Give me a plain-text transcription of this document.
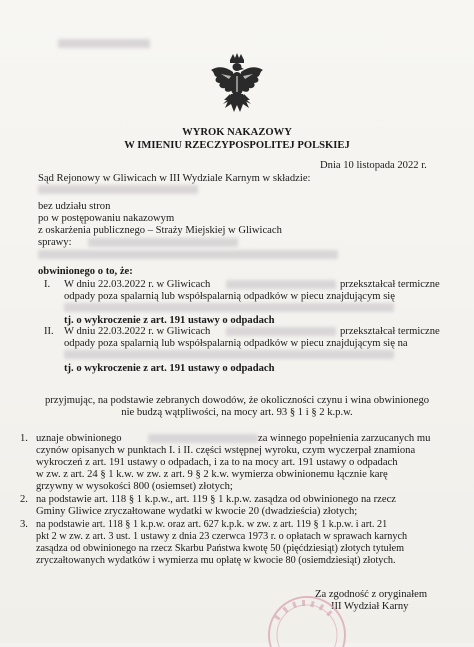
WYROK NAKAZOWY
W IMIENIU RZECZYPOSPOLITEJ POLSKIEJ
Dnia 10 listopada 2022 r.
Sąd Rejonowy w Gliwicach w III Wydziale Karnym w składzie:
bez udziału stron
po w postępowaniu nakazowym
z oskarżenia publicznego – Straży Miejskiej w Gliwicach
sprawy:
obwinionego o to, że:
I. W dniu 22.03.2022 r. w Gliwicach	przekształcał termiczne
odpady poza spalarnią lub współspalarnią odpadków w piecu znajdującym się
tj. o wykroczenie z art. 191 ustawy o odpadach
II. W dniu 22.03.2022 r. w Gliwicach	przekształcał termiczne
odpady poza spalarnią lub współspalarnią odpadków w piecu znajdującym się na
tj. o wykroczenie z art. 191 ustawy o odpadach
przyjmując, na podstawie zebranych dowodów, że okoliczności czynu i wina obwinionego
nie budzą wątpliwości, na mocy art. 93 § 1 i § 2 k.p.w.
1. uznaje obwinionego	za winnego popełnienia zarzucanych mu
czynów opisanych w punktach I. i II. części wstępnej wyroku, czym wyczerpał znamiona
wykroczeń z art. 191 ustawy o odpadach, i za to na mocy art. 191 ustawy o odpadach
w zw. z art. 24 § 1 k.w. w zw. z art. 9 § 2 k.w. wymierza obwinionemu łącznie karę
grzywny w wysokości 800 (osiemset) złotych;
2. na podstawie art. 118 § 1 k.p.w., art. 119 § 1 k.p.w. zasądza od obwinionego na rzecz
Gminy Gliwice zryczałtowane wydatki w kwocie 20 (dwadzieścia) złotych;
3. na podstawie art. 118 § 1 k.p.w. oraz art. 627 k.p.k. w zw. z art. 119 § 1 k.p.w. i art. 21
pkt 2 w zw. z art. 3 ust. 1 ustawy z dnia 23 czerwca 1973 r. o opłatach w sprawach karnych
zasądza od obwinionego na rzecz Skarbu Państwa kwotę 50 (pięćdziesiąt) złotych tytułem
zryczałtowanych wydatków i wymierza mu opłatę w kwocie 80 (osiemdziesiąt) złotych.
Za zgodność z oryginałem
III Wydział Karny
